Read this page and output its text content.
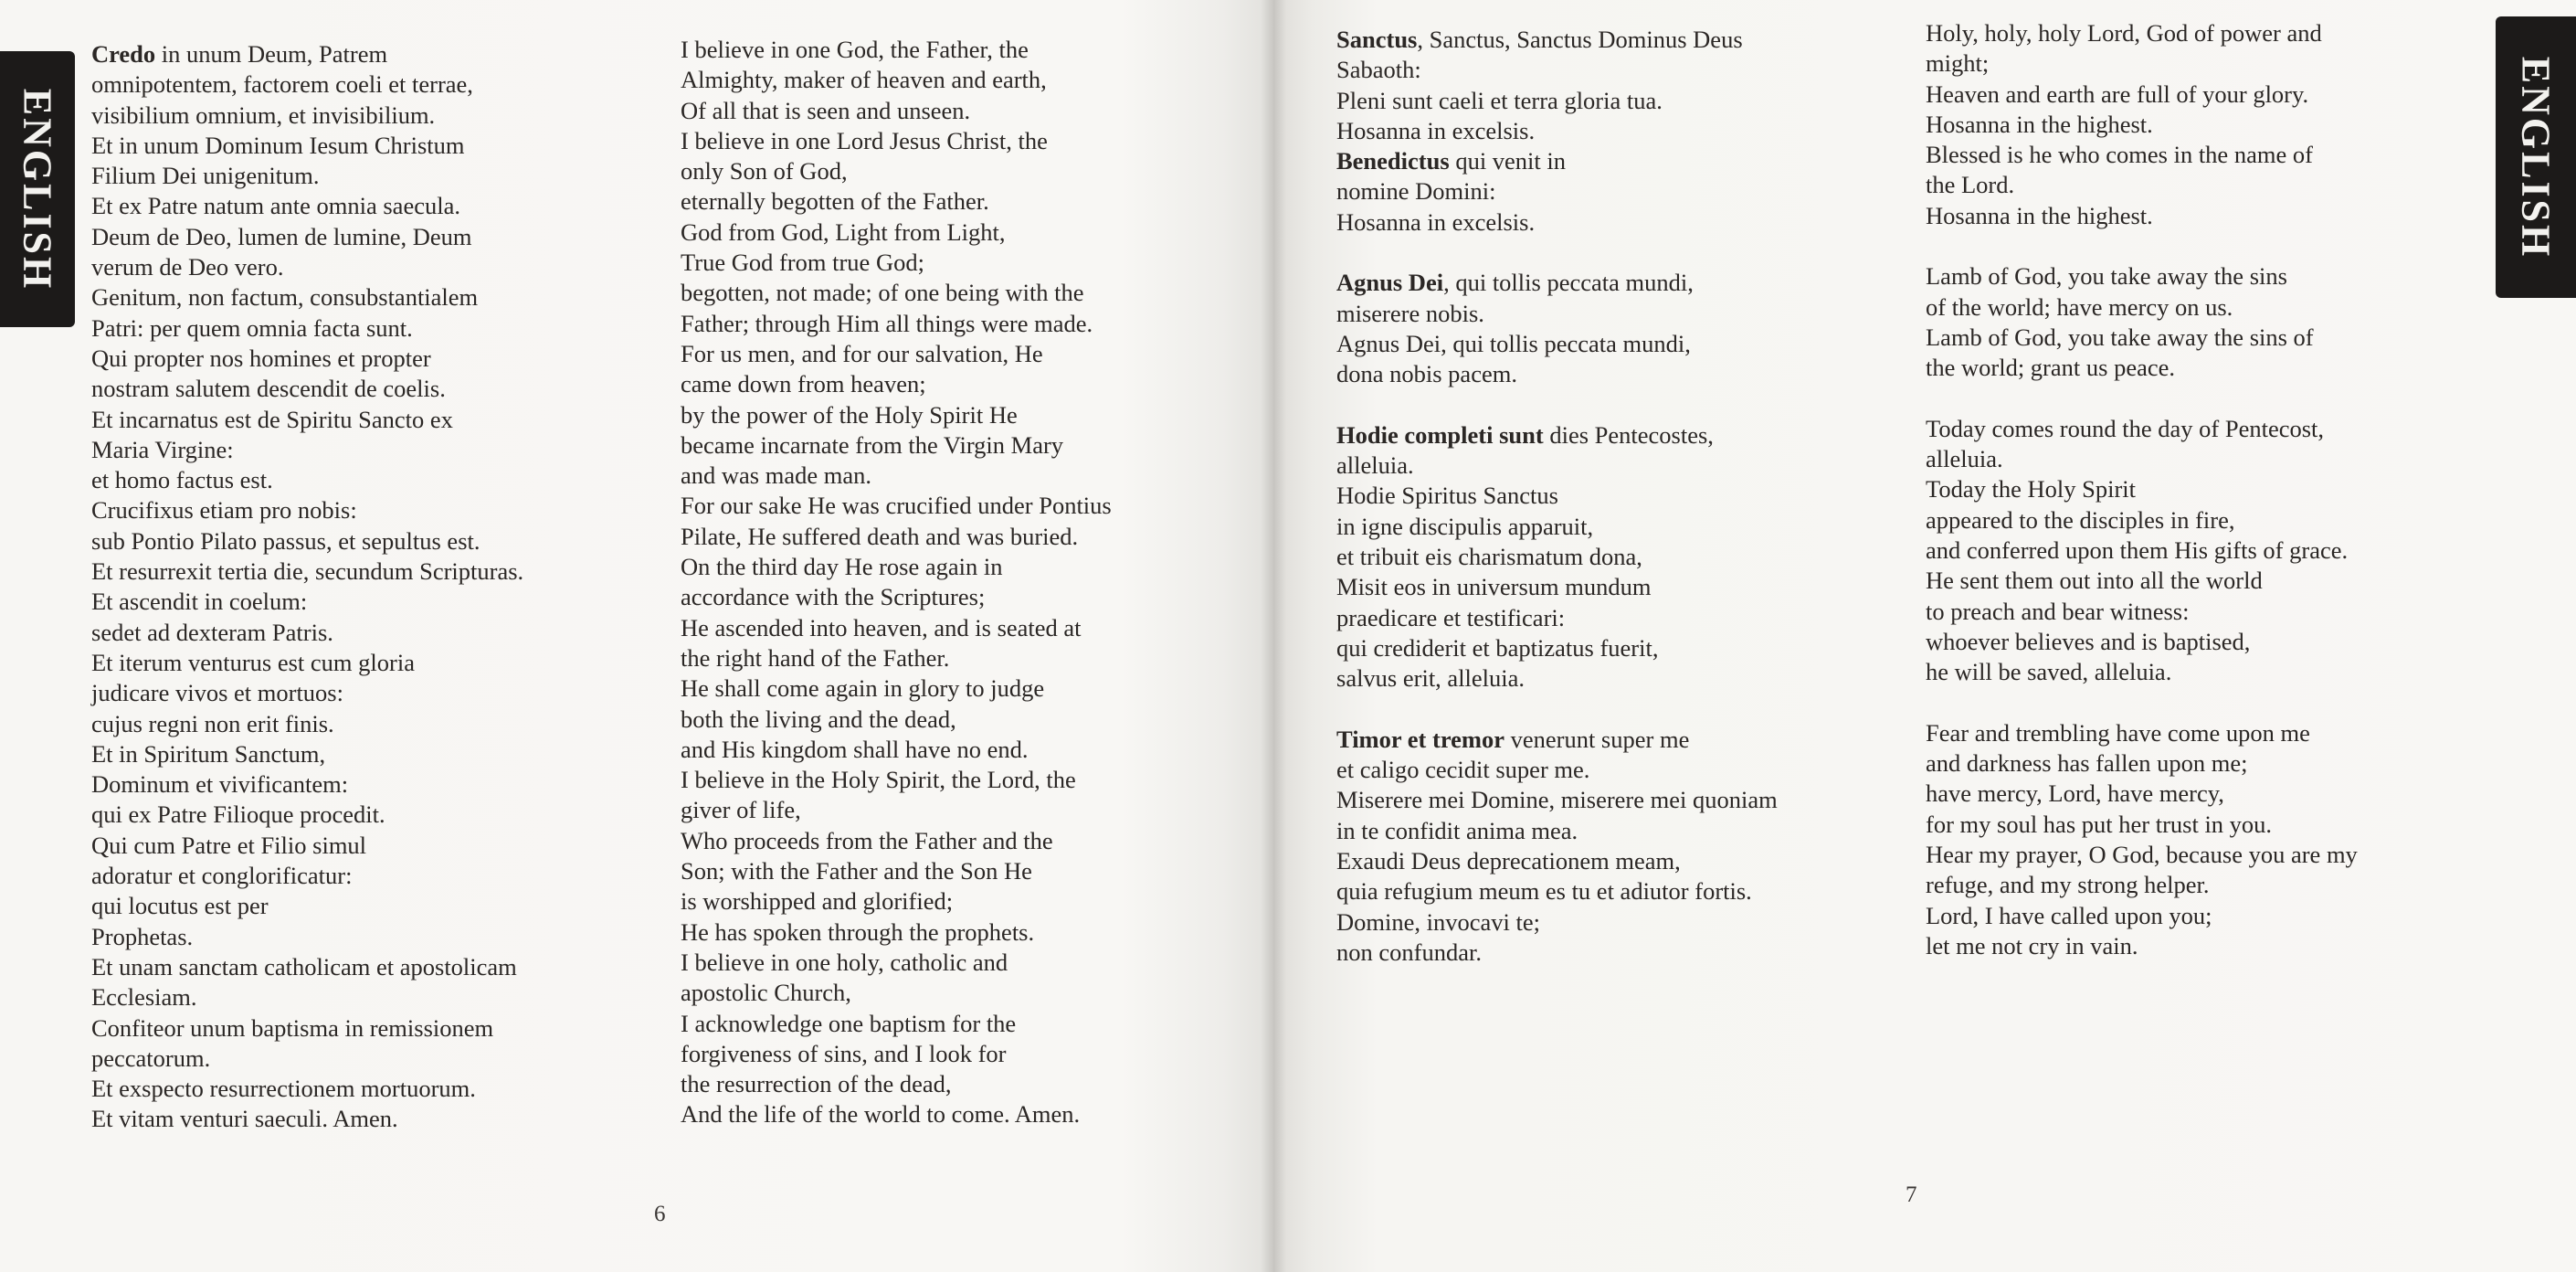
ENGLISH
Credo in unum Deum, Patrem
omnipotentem, factorem coeli et terrae,
visibilium omnium, et invisibilium.
Et in unum Dominum Iesum Christum
Filium Dei unigenitum.
Et ex Patre natum ante omnia saecula.
Deum de Deo, lumen de lumine, Deum
verum de Deo vero.
Genitum, non factum, consubstantialem
Patri: per quem omnia facta sunt.
Qui propter nos homines et propter
nostram salutem descendit de coelis.
Et incarnatus est de Spiritu Sancto ex
Maria Virgine:
et homo factus est.
Crucifixus etiam pro nobis:
sub Pontio Pilato passus, et sepultus est.
Et resurrexit tertia die, secundum Scripturas.
Et ascendit in coelum:
sedet ad dexteram Patris.
Et iterum venturus est cum gloria
judicare vivos et mortuos:
cujus regni non erit finis.
Et in Spiritum Sanctum,
Dominum et vivificantem:
qui ex Patre Filioque procedit.
Qui cum Patre et Filio simul
adoratur et conglorificatur:
qui locutus est per
Prophetas.
Et unam sanctam catholicam et apostolicam
Ecclesiam.
Confiteor unum baptisma in remissionem
peccatorum.
Et exspecto resurrectionem mortuorum.
Et vitam venturi saeculi. Amen.
I believe in one God, the Father, the
Almighty, maker of heaven and earth,
Of all that is seen and unseen.
I believe in one Lord Jesus Christ, the
only Son of God,
eternally begotten of the Father.
God from God, Light from Light,
True God from true God;
begotten, not made; of one being with the
Father; through Him all things were made.
For us men, and for our salvation, He
came down from heaven;
by the power of the Holy Spirit He
became incarnate from the Virgin Mary
and was made man.
For our sake He was crucified under Pontius
Pilate, He suffered death and was buried.
On the third day He rose again in
accordance with the Scriptures;
He ascended into heaven, and is seated at
the right hand of the Father.
He shall come again in glory to judge
both the living and the dead,
and His kingdom shall have no end.
I believe in the Holy Spirit, the Lord, the
giver of life,
Who proceeds from the Father and the
Son; with the Father and the Son He
is worshipped and glorified;
He has spoken through the prophets.
I believe in one holy, catholic and
apostolic Church,
I acknowledge one baptism for the
forgiveness of sins, and I look for
the resurrection of the dead,
And the life of the world to come. Amen.
6
ENGLISH
Sanctus, Sanctus, Sanctus Dominus Deus
Sabaoth:
Pleni sunt caeli et terra gloria tua.
Hosanna in excelsis.
Benedictus qui venit in
nomine Domini:
Hosanna in excelsis.
Agnus Dei, qui tollis peccata mundi,
miserere nobis.
Agnus Dei, qui tollis peccata mundi,
dona nobis pacem.
Hodie completi sunt dies Pentecostes,
alleluia.
Hodie Spiritus Sanctus
in igne discipulis apparuit,
et tribuit eis charismatum dona,
Misit eos in universum mundum
praedicare et testificari:
qui crediderit et baptizatus fuerit,
salvus erit, alleluia.
Timor et tremor venerunt super me
et caligo cecidit super me.
Miserere mei Domine, miserere mei quoniam
in te confidit anima mea.
Exaudi Deus deprecationem meam,
quia refugium meum es tu et adiutor fortis.
Domine, invocavi te;
non confundar.
Holy, holy, holy Lord, God of power and
might;
Heaven and earth are full of your glory.
Hosanna in the highest.
Blessed is he who comes in the name of
the Lord.
Hosanna in the highest.
Lamb of God, you take away the sins
of the world; have mercy on us.
Lamb of God, you take away the sins of
the world; grant us peace.
Today comes round the day of Pentecost,
alleluia.
Today the Holy Spirit
appeared to the disciples in fire,
and conferred upon them His gifts of grace.
He sent them out into all the world
to preach and bear witness:
whoever believes and is baptised,
he will be saved, alleluia.
Fear and trembling have come upon me
and darkness has fallen upon me;
have mercy, Lord, have mercy,
for my soul has put her trust in you.
Hear my prayer, O God, because you are my
refuge, and my strong helper.
Lord, I have called upon you;
let me not cry in vain.
7
